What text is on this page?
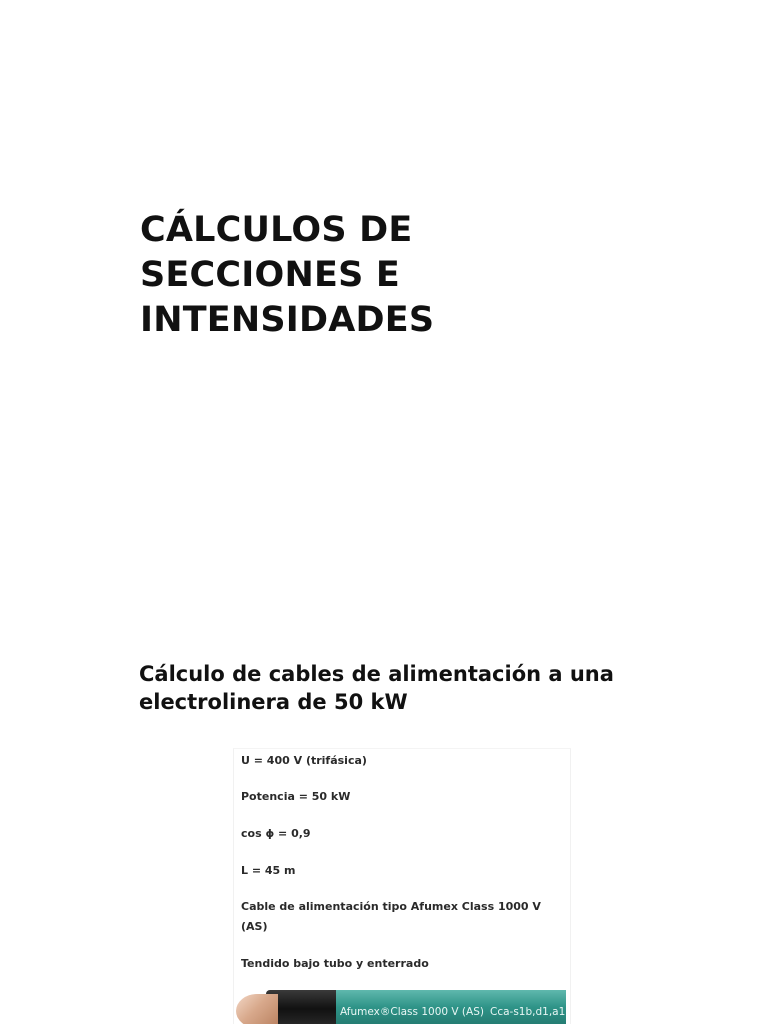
CÁLCULOS DE
SECCIONES E
INTENSIDADES
Cálculo de cables de alimentación a una
electrolinera de 50 kW
U = 400 V (trifásica)
Potencia = 50 kW
cos ϕ = 0,9
L = 45 m
Cable de alimentación tipo Afumex Class 1000 V (AS)
Tendido bajo tubo y enterrado
Afumex®Class 1000 V (AS) Cca-s1b,d1,a1
